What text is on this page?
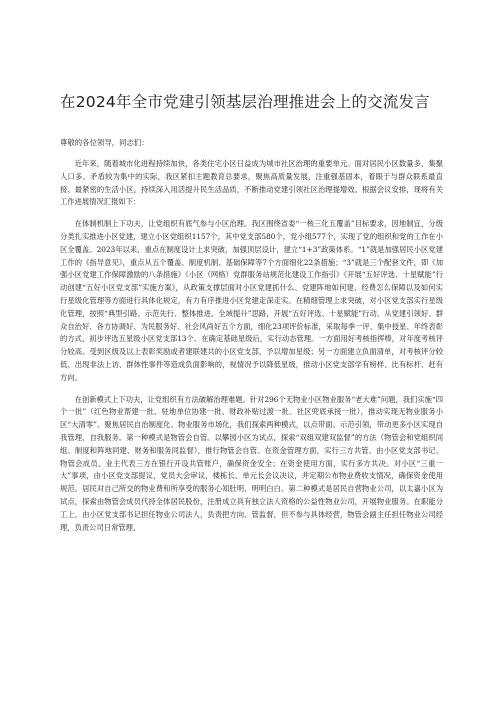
在2024年全市党建引领基层治理推进会上的交流发言

尊敬的各位领导，同志们：

近年来，随着城市化进程持续加快，各类住宅小区日益成为城市社区治理的重要单元。面对居民小区数量多、集聚人口多、矛盾较为集中的实际，我区紧扣主题教育总要求，聚焦高质量发展，注重强基固本，着眼于与群众联系最直接、最紧密的生活小区，持续深入用活提升民生活品质，不断推动党建引领社区治理提增效。根据会议安排，现将有关工作进展情况汇报如下：

在体制机制上下功夫，让党组织有底气参与小区治理。我区围绕省委“一核三化五覆盖”目标要求，因地制宜，分级分类扎实推进小区党建，建立小区党组织1157个，其中党支部580个，党小组577个，实现了党的组织和党的工作在小区全覆盖。2023年以来，重点在制度设计上求突破，加强顶层设计，建立“1+3”政策体系。“1”就是加强居民小区党建工作的《指导意见》，重点从五个覆盖、制度机制、基础保障等7个方面细化22条措施；“3”就是三个配套文件，即《加强小区党建工作保障激励的八条措施》《小区（网格）党群服务站规范化建设工作指引》《开展“五好评选、十星赋能”行动创建“五好小区党支部”实施方案》，从政策支撑层面对小区党建抓什么、党建阵地如何建、经费怎么保障以及如何实行星级化管理等方面进行具体化规定，有力有序推进小区党建走深走实。在精细管理上求突破，对小区党支部实行星级化管理，按照“典型引路、示范先行、整体推进、全域提升”思路，开展“五好评选、十星赋能”行动。从党建引领好、群众自治好、各方协调好、为民服务好、社会风尚好五个方面，细化23项评价标准，采取每季一评、集中授星、年终表彰的方式，初步评选五星级小区党支部13个。在确定基础星级后，实行动态管理。一方面用好考核指挥棒，对年度考核评分较高、受到区级及以上表彰奖励或者建联建共的小区党支部，予以增加星级；另一方面建立负面清单，对考核评分较低、出现非法上访、群体性事件等造成负面影响的，视情况予以降低星级，推动小区党支部学有榜样、比有标杆、赶有方向。

在创新模式上下功夫，让党组织有方法破解治理难题。针对296个无物业小区物业服务“老大难”问题，我们实施“四个一批”（红色物业帮建一批、驻地单位协建一批、财政补贴过渡一批、社区兜底承接一批），推动实现无物业服务小区“大清零”。聚焦居民自治制度化、物业服务市场化，我们探索两种模式，以点带面、示范引领，带动更多小区实现自我管理、自我服务。第一种模式是物管会自管。以攀园小区为试点，探索“双组双建双监督”的方法（物管会和党组织同组、制度和阵地同建、财务和服务同监督），推行物管会自管。在资金管理方面，实行三方共管。由小区党支部书记、物管会成员、业主代表三方在银行开设共管账户，确保资金安全；在资金使用方面，实行多方共决。对小区“三重一大”事项，由小区党支部提议，党员大会审议，楼栋长、单元长会议决议，并定期公布物业费收支情况，确保资金使用规范。居民对自己所交的物业费和所享受的服务心知肚明、明明白白。第二种模式是居民自营物业公司，以太嘉小区为试点，探索由物管会成员代持全体居民股份，注册成立具有独立法人资格的公益性物业公司，开展物业服务。在职能分工上，由小区党支部书记担任物业公司法人，负责把方向、管监督，但不参与具体经营，物管会副主任担任物业公司经理，负责公司日常管理、
